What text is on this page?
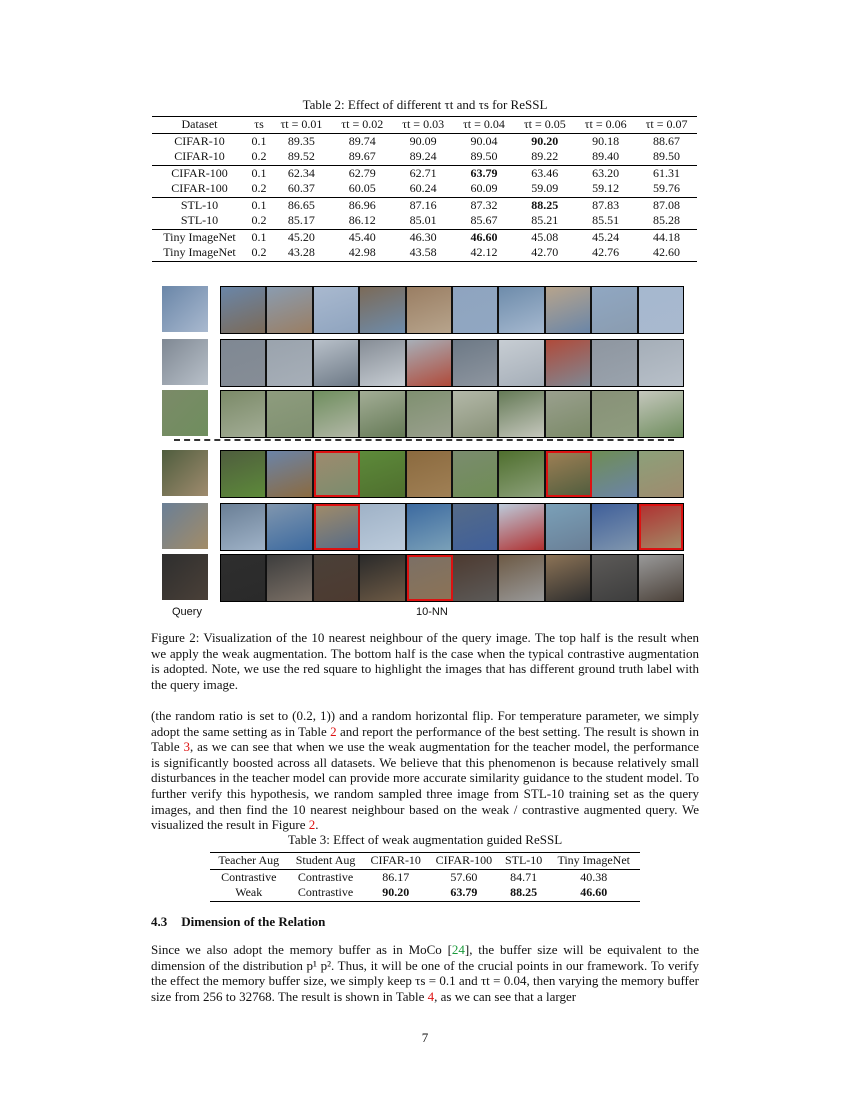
Table 2: Effect of different τt and τs for ReSSL
Dataset	τs	τt = 0.01	τt = 0.02	τt = 0.03	τt = 0.04	τt = 0.05	τt = 0.06	τt = 0.07
CIFAR-10	0.1	89.35	89.74	90.09	90.04	90.20	90.18	88.67
CIFAR-10	0.2	89.52	89.67	89.24	89.50	89.22	89.40	89.50
CIFAR-100	0.1	62.34	62.79	62.71	63.79	63.46	63.20	61.31
CIFAR-100	0.2	60.37	60.05	60.24	60.09	59.09	59.12	59.76
STL-10	0.1	86.65	86.96	87.16	87.32	88.25	87.83	87.08
STL-10	0.2	85.17	86.12	85.01	85.67	85.21	85.51	85.28
Tiny ImageNet	0.1	45.20	45.40	46.30	46.60	45.08	45.24	44.18
Tiny ImageNet	0.2	43.28	42.98	43.58	42.12	42.70	42.76	42.60
Query	10-NN
Figure 2: Visualization of the 10 nearest neighbour of the query image. The top half is the result when we apply the weak augmentation. The bottom half is the case when the typical contrastive augmentation is adopted. Note, we use the red square to highlight the images that has different ground truth label with the query image.
(the random ratio is set to (0.2, 1)) and a random horizontal flip. For temperature parameter, we simply adopt the same setting as in Table 2 and report the performance of the best setting. The result is shown in Table 3, as we can see that when we use the weak augmentation for the teacher model, the performance is significantly boosted across all datasets. We believe that this phenomenon is because relatively small disturbances in the teacher model can provide more accurate similarity guidance to the student model. To further verify this hypothesis, we random sampled three image from STL-10 training set as the query images, and then find the 10 nearest neighbour based on the weak / contrastive augmented query. We visualized the result in Figure 2.
Table 3: Effect of weak augmentation guided ReSSL
Teacher Aug	Student Aug	CIFAR-10	CIFAR-100	STL-10	Tiny ImageNet
Contrastive	Contrastive	86.17	57.60	84.71	40.38
Weak	Contrastive	90.20	63.79	88.25	46.60
4.3 Dimension of the Relation
Since we also adopt the memory buffer as in MoCo [24], the buffer size will be equivalent to the dimension of the distribution p¹ p². Thus, it will be one of the crucial points in our framework. To verify the effect the memory buffer size, we simply keep τs = 0.1 and τt = 0.04, then varying the memory buffer size from 256 to 32768. The result is shown in Table 4, as we can see that a larger
7
